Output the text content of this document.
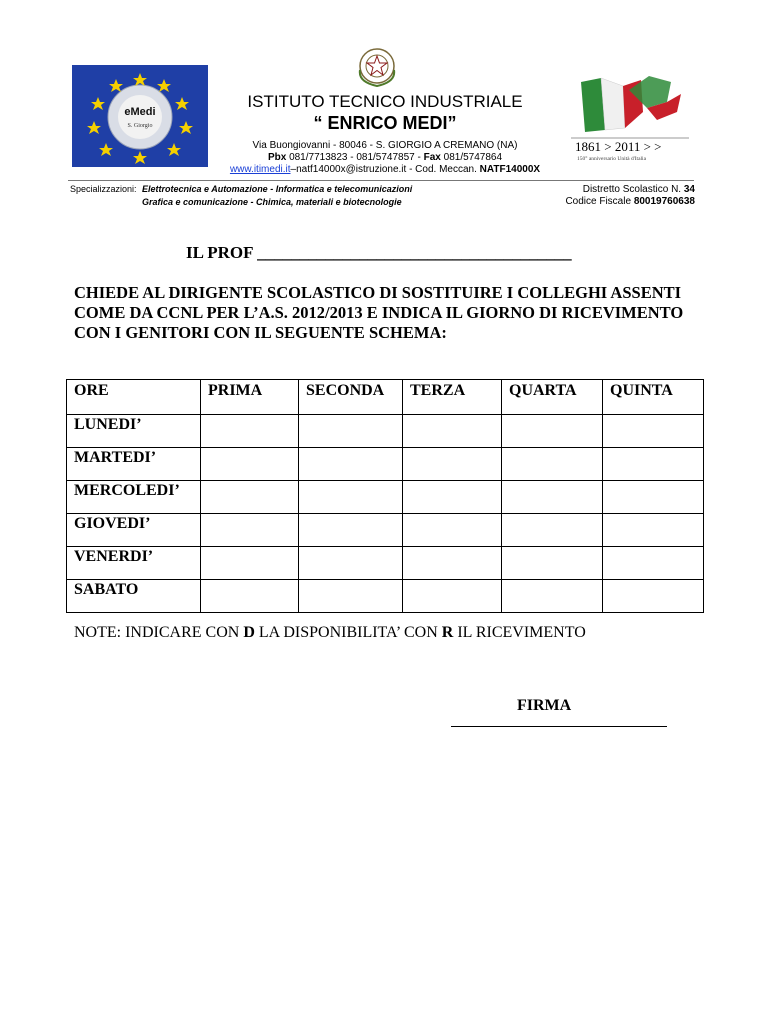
eMedi
S. Giorgio
1861 > 2011 > >
150° anniversario Unità d'Italia
ISTITUTO TECNICO INDUSTRIALE
“ ENRICO MEDI”
Via Buongiovanni - 80046 - S. GIORGIO A CREMANO (NA)
Pbx 081/7713823 - 081/5747857 - Fax 081/5747864
www.itimedi.it–natf14000x@istruzione.it - Cod. Meccan. NATF14000X
Specializzazioni: Elettrotecnica e Automazione - Informatica e telecomunicazioni
Grafica e comunicazione - Chimica, materiali e biotecnologie
Distretto Scolastico N. 34
Codice Fiscale 80019760638
IL PROF _____________________________________
CHIEDE AL DIRIGENTE SCOLASTICO DI SOSTITUIRE I COLLEGHI ASSENTI COME DA CCNL PER L’A.S. 2012/2013 E INDICA IL GIORNO DI RICEVIMENTO CON I GENITORI CON IL SEGUENTE SCHEMA:
ORE	PRIMA	SECONDA	TERZA	QUARTA	QUINTA
LUNEDI’					
MARTEDI’					
MERCOLEDI’					
GIOVEDI’					
VENERDI’					
SABATO					
NOTE: INDICARE CON D LA DISPONIBILITA’ CON R IL RICEVIMENTO
FIRMA
